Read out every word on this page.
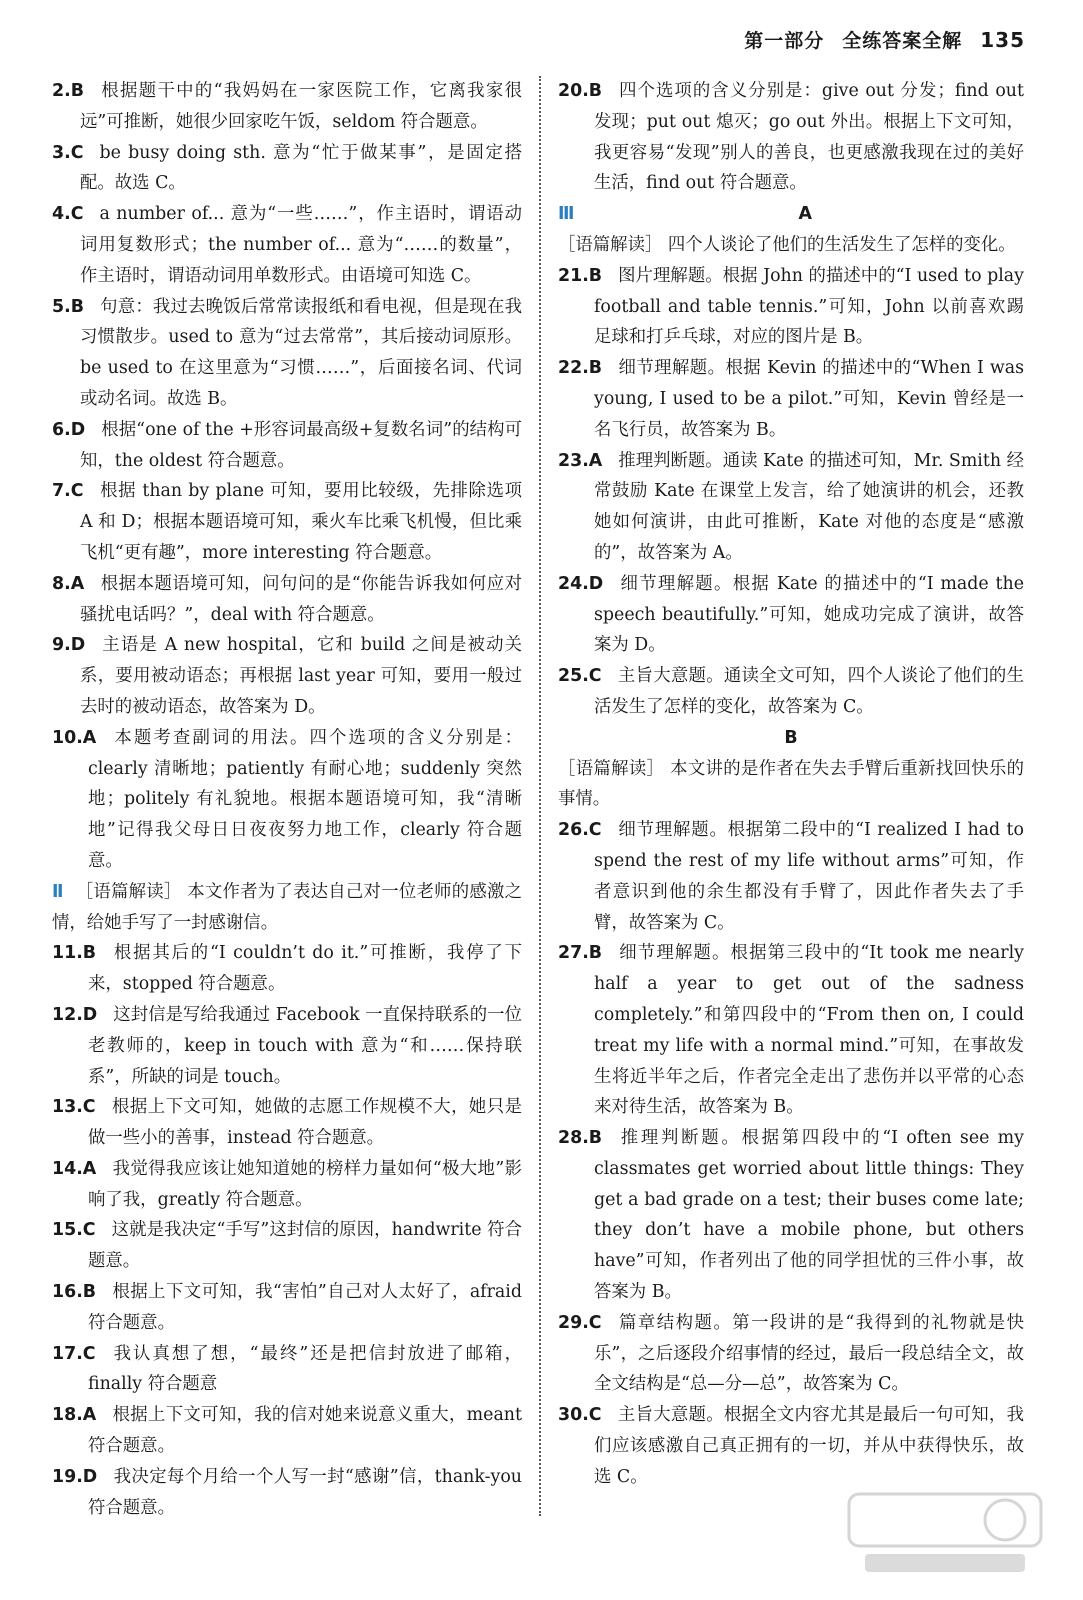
第一部分 全练答案全解 135

2.B 根据题干中的“我妈妈在一家医院工作，它离我家很远”可推断，她很少回家吃午饭，seldom 符合题意。

3.C be busy doing sth. 意为“忙于做某事”，是固定搭配。故选 C。

4.C a number of... 意为“一些……”，作主语时，谓语动词用复数形式；the number of... 意为“……的数量”，作主语时，谓语动词用单数形式。由语境可知选 C。

5.B 句意：我过去晚饭后常常读报纸和看电视，但是现在我习惯散步。used to 意为“过去常常”，其后接动词原形。be used to 在这里意为“习惯……”，后面接名词、代词或动名词。故选 B。

6.D 根据“one of the +形容词最高级+复数名词”的结构可知，the oldest 符合题意。

7.C 根据 than by plane 可知，要用比较级，先排除选项 A 和 D；根据本题语境可知，乘火车比乘飞机慢，但比乘飞机“更有趣”，more interesting 符合题意。

8.A 根据本题语境可知，问句问的是“你能告诉我如何应对骚扰电话吗？”，deal with 符合题意。

9.D 主语是 A new hospital，它和 build 之间是被动关系，要用被动语态；再根据 last year 可知，要用一般过去时的被动语态，故答案为 D。

10.A 本题考查副词的用法。四个选项的含义分别是：clearly 清晰地；patiently 有耐心地；suddenly 突然地；politely 有礼貌地。根据本题语境可知，我“清晰地”记得我父母日日夜夜努力地工作，clearly 符合题意。

Ⅱ ［语篇解读］ 本文作者为了表达自己对一位老师的感激之情，给她手写了一封感谢信。

11.B 根据其后的“I couldn’t do it.”可推断，我停了下来，stopped 符合题意。

12.D 这封信是写给我通过 Facebook 一直保持联系的一位老教师的，keep in touch with 意为“和……保持联系”，所缺的词是 touch。

13.C 根据上下文可知，她做的志愿工作规模不大，她只是做一些小的善事，instead 符合题意。

14.A 我觉得我应该让她知道她的榜样力量如何“极大地”影响了我，greatly 符合题意。

15.C 这就是我决定“手写”这封信的原因，handwrite 符合题意。

16.B 根据上下文可知，我“害怕”自己对人太好了，afraid 符合题意。

17.C 我认真想了想，“最终”还是把信封放进了邮箱，finally 符合题意

18.A 根据上下文可知，我的信对她来说意义重大，meant 符合题意。

19.D 我决定每个月给一个人写一封“感谢”信，thank-you 符合题意。

20.B 四个选项的含义分别是：give out 分发；find out 发现；put out 熄灭；go out 外出。根据上下文可知，我更容易“发现”别人的善良，也更感激我现在过的美好生活，find out 符合题意。

Ⅲ	A

［语篇解读］ 四个人谈论了他们的生活发生了怎样的变化。

21.B 图片理解题。根据 John 的描述中的“I used to play football and table tennis.”可知，John 以前喜欢踢足球和打乒乓球，对应的图片是 B。

22.B 细节理解题。根据 Kevin 的描述中的“When I was young, I used to be a pilot.”可知，Kevin 曾经是一名飞行员，故答案为 B。

23.A 推理判断题。通读 Kate 的描述可知，Mr. Smith 经常鼓励 Kate 在课堂上发言，给了她演讲的机会，还教她如何演讲，由此可推断，Kate 对他的态度是“感激的”，故答案为 A。

24.D 细节理解题。根据 Kate 的描述中的“I made the speech beautifully.”可知，她成功完成了演讲，故答案为 D。

25.C 主旨大意题。通读全文可知，四个人谈论了他们的生活发生了怎样的变化，故答案为 C。

B

［语篇解读］ 本文讲的是作者在失去手臂后重新找回快乐的事情。

26.C 细节理解题。根据第二段中的“I realized I had to spend the rest of my life without arms”可知，作者意识到他的余生都没有手臂了，因此作者失去了手臂，故答案为 C。

27.B 细节理解题。根据第三段中的“It took me nearly half a year to get out of the sadness completely.”和第四段中的“From then on, I could treat my life with a normal mind.”可知，在事故发生将近半年之后，作者完全走出了悲伤并以平常的心态来对待生活，故答案为 B。

28.B 推理判断题。根据第四段中的“I often see my classmates get worried about little things: They get a bad grade on a test; their buses come late; they don’t have a mobile phone, but others have”可知，作者列出了他的同学担忧的三件小事，故答案为 B。

29.C 篇章结构题。第一段讲的是“我得到的礼物就是快乐”，之后逐段介绍事情的经过，最后一段总结全文，故全文结构是“总—分—总”，故答案为 C。

30.C 主旨大意题。根据全文内容尤其是最后一句可知，我们应该感激自己真正拥有的一切，并从中获得快乐，故选 C。
